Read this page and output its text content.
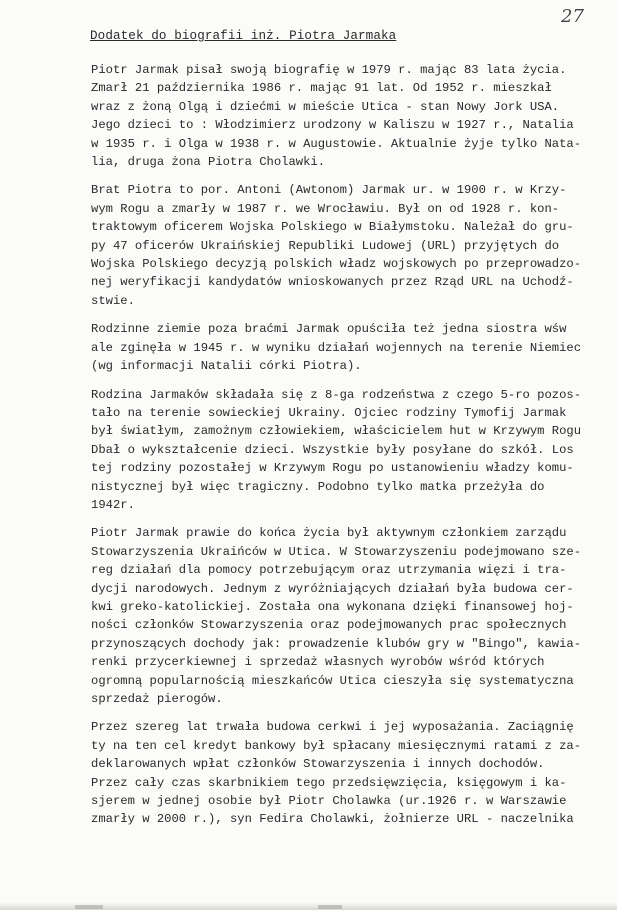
27
Dodatek do biografii inż. Piotra Jarmaka
Piotr Jarmak pisał swoją biografię w 1979 r. mając 83 lata życia.
Zmarł 21 października 1986 r. mając 91 lat. Od 1952 r. mieszkał
wraz z żoną Olgą i dziećmi w mieście Utica - stan Nowy Jork USA.
Jego dzieci to : Włodzimierz urodzony w Kaliszu w 1927 r., Natalia
w 1935 r. i Olga w 1938 r. w Augustowie. Aktualnie żyje tylko Nata-
lia, druga żona Piotra Cholawki.
Brat Piotra to por. Antoni (Awtonom) Jarmak ur. w 1900 r. w Krzy-
wym Rogu a zmarły w 1987 r. we Wrocławiu. Był on od 1928 r. kon-
traktowym oficerem Wojska Polskiego w Białymstoku. Należał do gru-
py 47 oficerów Ukraińskiej Republiki Ludowej (URL) przyjętych do
Wojska Polskiego decyzją polskich władz wojskowych po przeprowadzo-
nej weryfikacji kandydatów wnioskowanych przez Rząd URL na Uchodź-
stwie.
Rodzinne ziemie poza braćmi Jarmak opuściła też jedna siostra wśw
ale zginęła w 1945 r. w wyniku działań wojennych na terenie Niemiec
(wg informacji Natalii córki Piotra).
Rodzina Jarmaków składała się z 8-ga rodzeństwa z czego 5-ro pozos-
tało na terenie sowieckiej Ukrainy. Ojciec rodziny Tymofij Jarmak
był światłym, zamożnym człowiekiem, właścicielem hut w Krzywym Rogu
Dbał o wykształcenie dzieci. Wszystkie były posyłane do szkół. Los
tej rodziny pozostałej w Krzywym Rogu po ustanowieniu władzy komu-
nistycznej był więc tragiczny. Podobno tylko matka przeżyła do
1942r.
Piotr Jarmak prawie do końca życia był aktywnym członkiem zarządu
Stowarzyszenia Ukraińców w Utica. W Stowarzyszeniu podejmowano sze-
reg działań dla pomocy potrzebującym oraz utrzymania więzi i tra-
dycji narodowych. Jednym z wyróżniających działań była budowa cer-
kwi greko-katolickiej. Została ona wykonana dzięki finansowej hoj-
ności członków Stowarzyszenia oraz podejmowanych prac społecznych
przynoszących dochody jak: prowadzenie klubów gry w "Bingo", kawia-
renki przycerkiewnej i sprzedaż własnych wyrobów wśród których
ogromną popularnością mieszkańców Utica cieszyła się systematyczna
sprzedaż pierogów.
Przez szereg lat trwała budowa cerkwi i jej wyposażania. Zaciągnię
ty na ten cel kredyt bankowy był spłacany miesięcznymi ratami z za-
deklarowanych wpłat członków Stowarzyszenia i innych dochodów.
Przez cały czas skarbnikiem tego przedsięwzięcia, księgowym i ka-
sjerem w jednej osobie był Piotr Cholawka (ur.1926 r. w Warszawie
zmarły w 2000 r.), syn Fedira Cholawki, żołnierze URL - naczelnika
